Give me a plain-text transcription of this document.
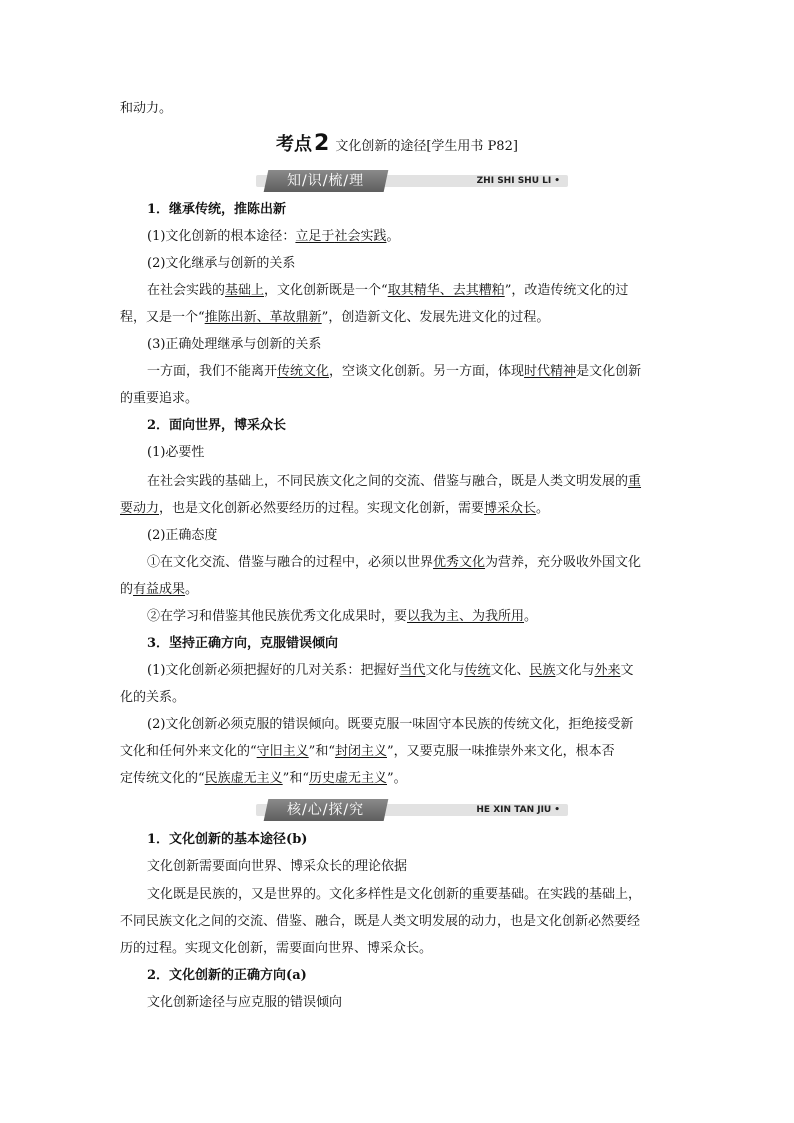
和动力。
考点2 文化创新的途径[学生用书 P82]
知/识/梳/理	ZHI SHI SHU LI •
1．继承传统，推陈出新
(1)文化创新的根本途径：立足于社会实践。
(2)文化继承与创新的关系
在社会实践的基础上，文化创新既是一个“取其精华、去其糟粕”，改造传统文化的过
程，又是一个“推陈出新、革故鼎新”，创造新文化、发展先进文化的过程。
(3)正确处理继承与创新的关系
一方面，我们不能离开传统文化，空谈文化创新。另一方面，体现时代精神是文化创新
的重要追求。
2．面向世界，博采众长
(1)必要性
在社会实践的基础上，不同民族文化之间的交流、借鉴与融合，既是人类文明发展的重
要动力，也是文化创新必然要经历的过程。实现文化创新，需要博采众长。
(2)正确态度
①在文化交流、借鉴与融合的过程中，必须以世界优秀文化为营养，充分吸收外国文化
的有益成果。
②在学习和借鉴其他民族优秀文化成果时，要以我为主、为我所用。
3．坚持正确方向，克服错误倾向
(1)文化创新必须把握好的几对关系：把握好当代文化与传统文化、民族文化与外来文
化的关系。
(2)文化创新必须克服的错误倾向。既要克服一味固守本民族的传统文化，拒绝接受新
文化和任何外来文化的“守旧主义”和“封闭主义”，又要克服一味推崇外来文化，根本否
定传统文化的“民族虚无主义”和“历史虚无主义”。
核/心/探/究	HE XIN TAN JIU •
1．文化创新的基本途径(b)
文化创新需要面向世界、博采众长的理论依据
文化既是民族的，又是世界的。文化多样性是文化创新的重要基础。在实践的基础上，
不同民族文化之间的交流、借鉴、融合，既是人类文明发展的动力，也是文化创新必然要经
历的过程。实现文化创新，需要面向世界、博采众长。
2．文化创新的正确方向(a)
文化创新途径与应克服的错误倾向
